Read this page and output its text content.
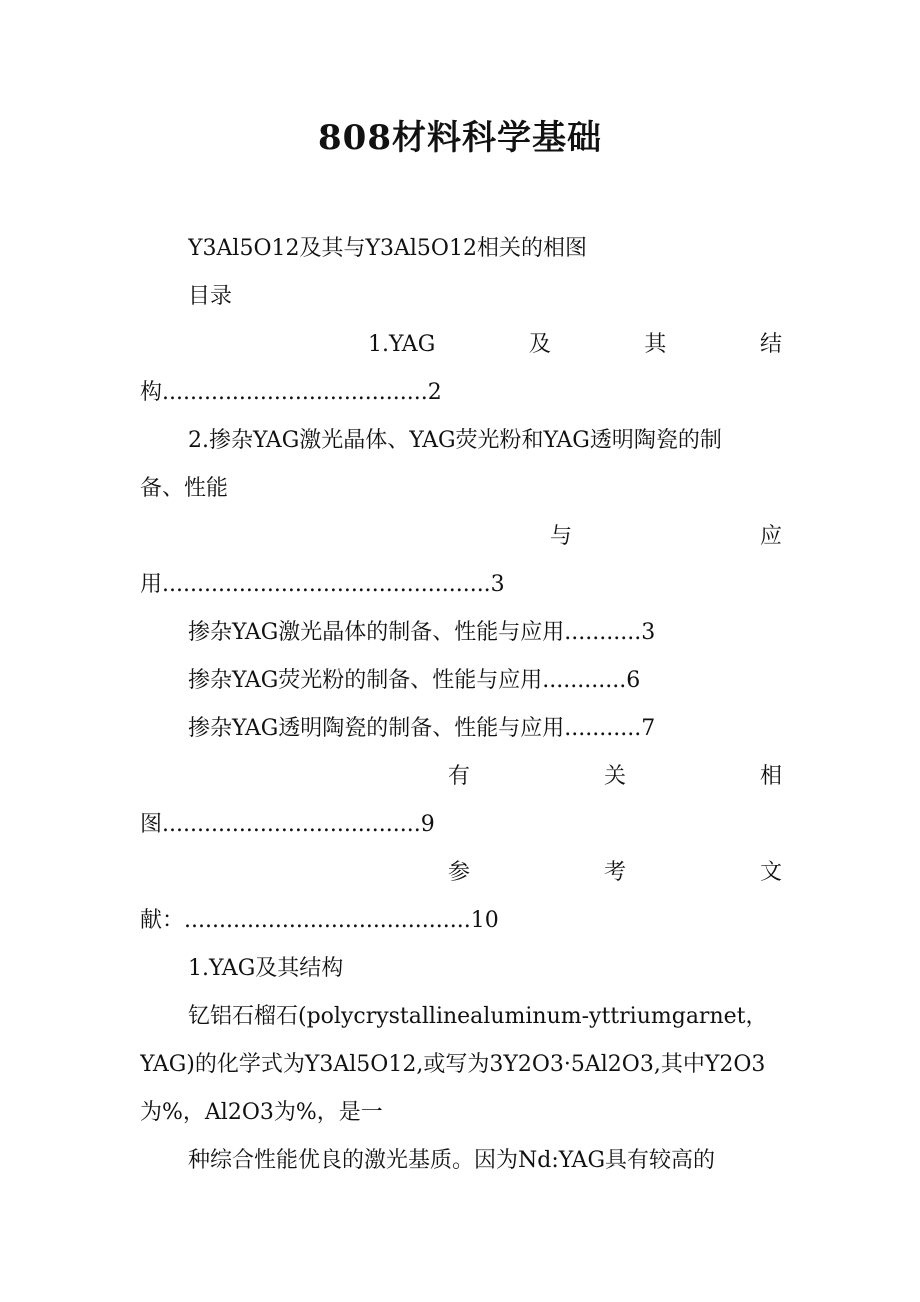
808材料科学基础
Y3Al5O12及其与Y3Al5O12相关的相图
目录
1.YAG	及	其	结
构......................................2
2.掺杂YAG激光晶体、YAG荧光粉和YAG透明陶瓷的制
备、性能
与	应
用...............................................3
掺杂YAG激光晶体的制备、性能与应用...........3
掺杂YAG荧光粉的制备、性能与应用............6
掺杂YAG透明陶瓷的制备、性能与应用...........7
有	关	相
图.....................................9
参	考	文
献：.........................................10
1.YAG及其结构
钇铝石榴石(polycrystallinealuminum-yttriumgarnet，
YAG)的化学式为Y3Al5O12,或写为3Y2O3·5Al2O3,其中Y2O3
为%，Al2O3为%，是一
种综合性能优良的激光基质。因为Nd:YAG具有较高的
